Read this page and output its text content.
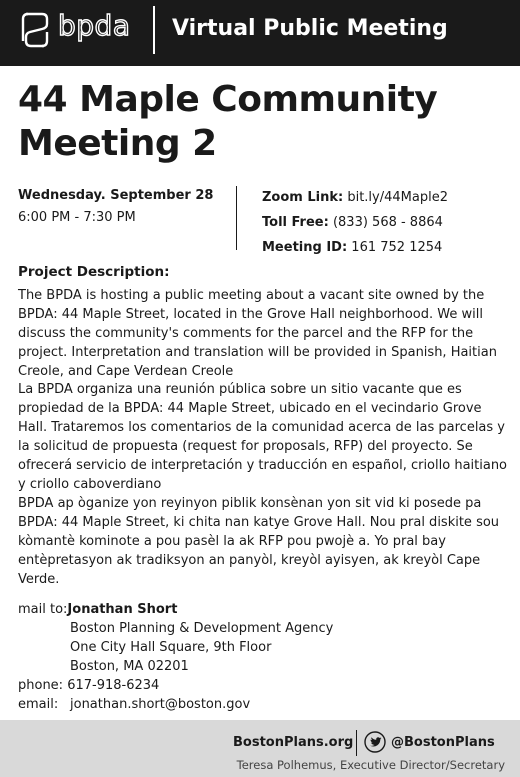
bpda Virtual Public Meeting
44 Maple Community
Meeting 2
Wednesday. September 28
6:00 PM - 7:30 PM
Zoom Link: bit.ly/44Maple2
Toll Free: (833) 568 - 8864
Meeting ID: 161 752 1254
Project Description:

The BPDA is hosting a public meeting about a vacant site owned by the BPDA: 44 Maple Street, located in the Grove Hall neighborhood. We will discuss the community's comments for the parcel and the RFP for the project. Interpretation and translation will be provided in Spanish, Haitian Creole, and Cape Verdean Creole

La BPDA organiza una reunión pública sobre un sitio vacante que es propiedad de la BPDA: 44 Maple Street, ubicado en el vecindario Grove Hall. Trataremos los comentarios de la comunidad acerca de las parcelas y la solicitud de propuesta (request for proposals, RFP) del proyecto. Se ofrecerá servicio de interpretación y traducción en español, criollo haitiano y criollo caboverdiano

BPDA ap òganize yon reyinyon piblik konsènan yon sit vid ki posede pa BPDA: 44 Maple Street, ki chita nan katye Grove Hall. Nou pral diskite sou kòmantè kominote a pou pasèl la ak RFP pou pwojè a. Yo pral bay entèpretasyon ak tradiksyon an panyòl, kreyòl ayisyen, ak kreyòl Cape Verde.

mail to:Jonathan Short
Boston Planning & Development Agency
One City Hall Square, 9th Floor
Boston, MA 02201
phone: 617-918-6234
email: jonathan.short@boston.gov
BostonPlans.org	@BostonPlans
Teresa Polhemus, Executive Director/Secretary
